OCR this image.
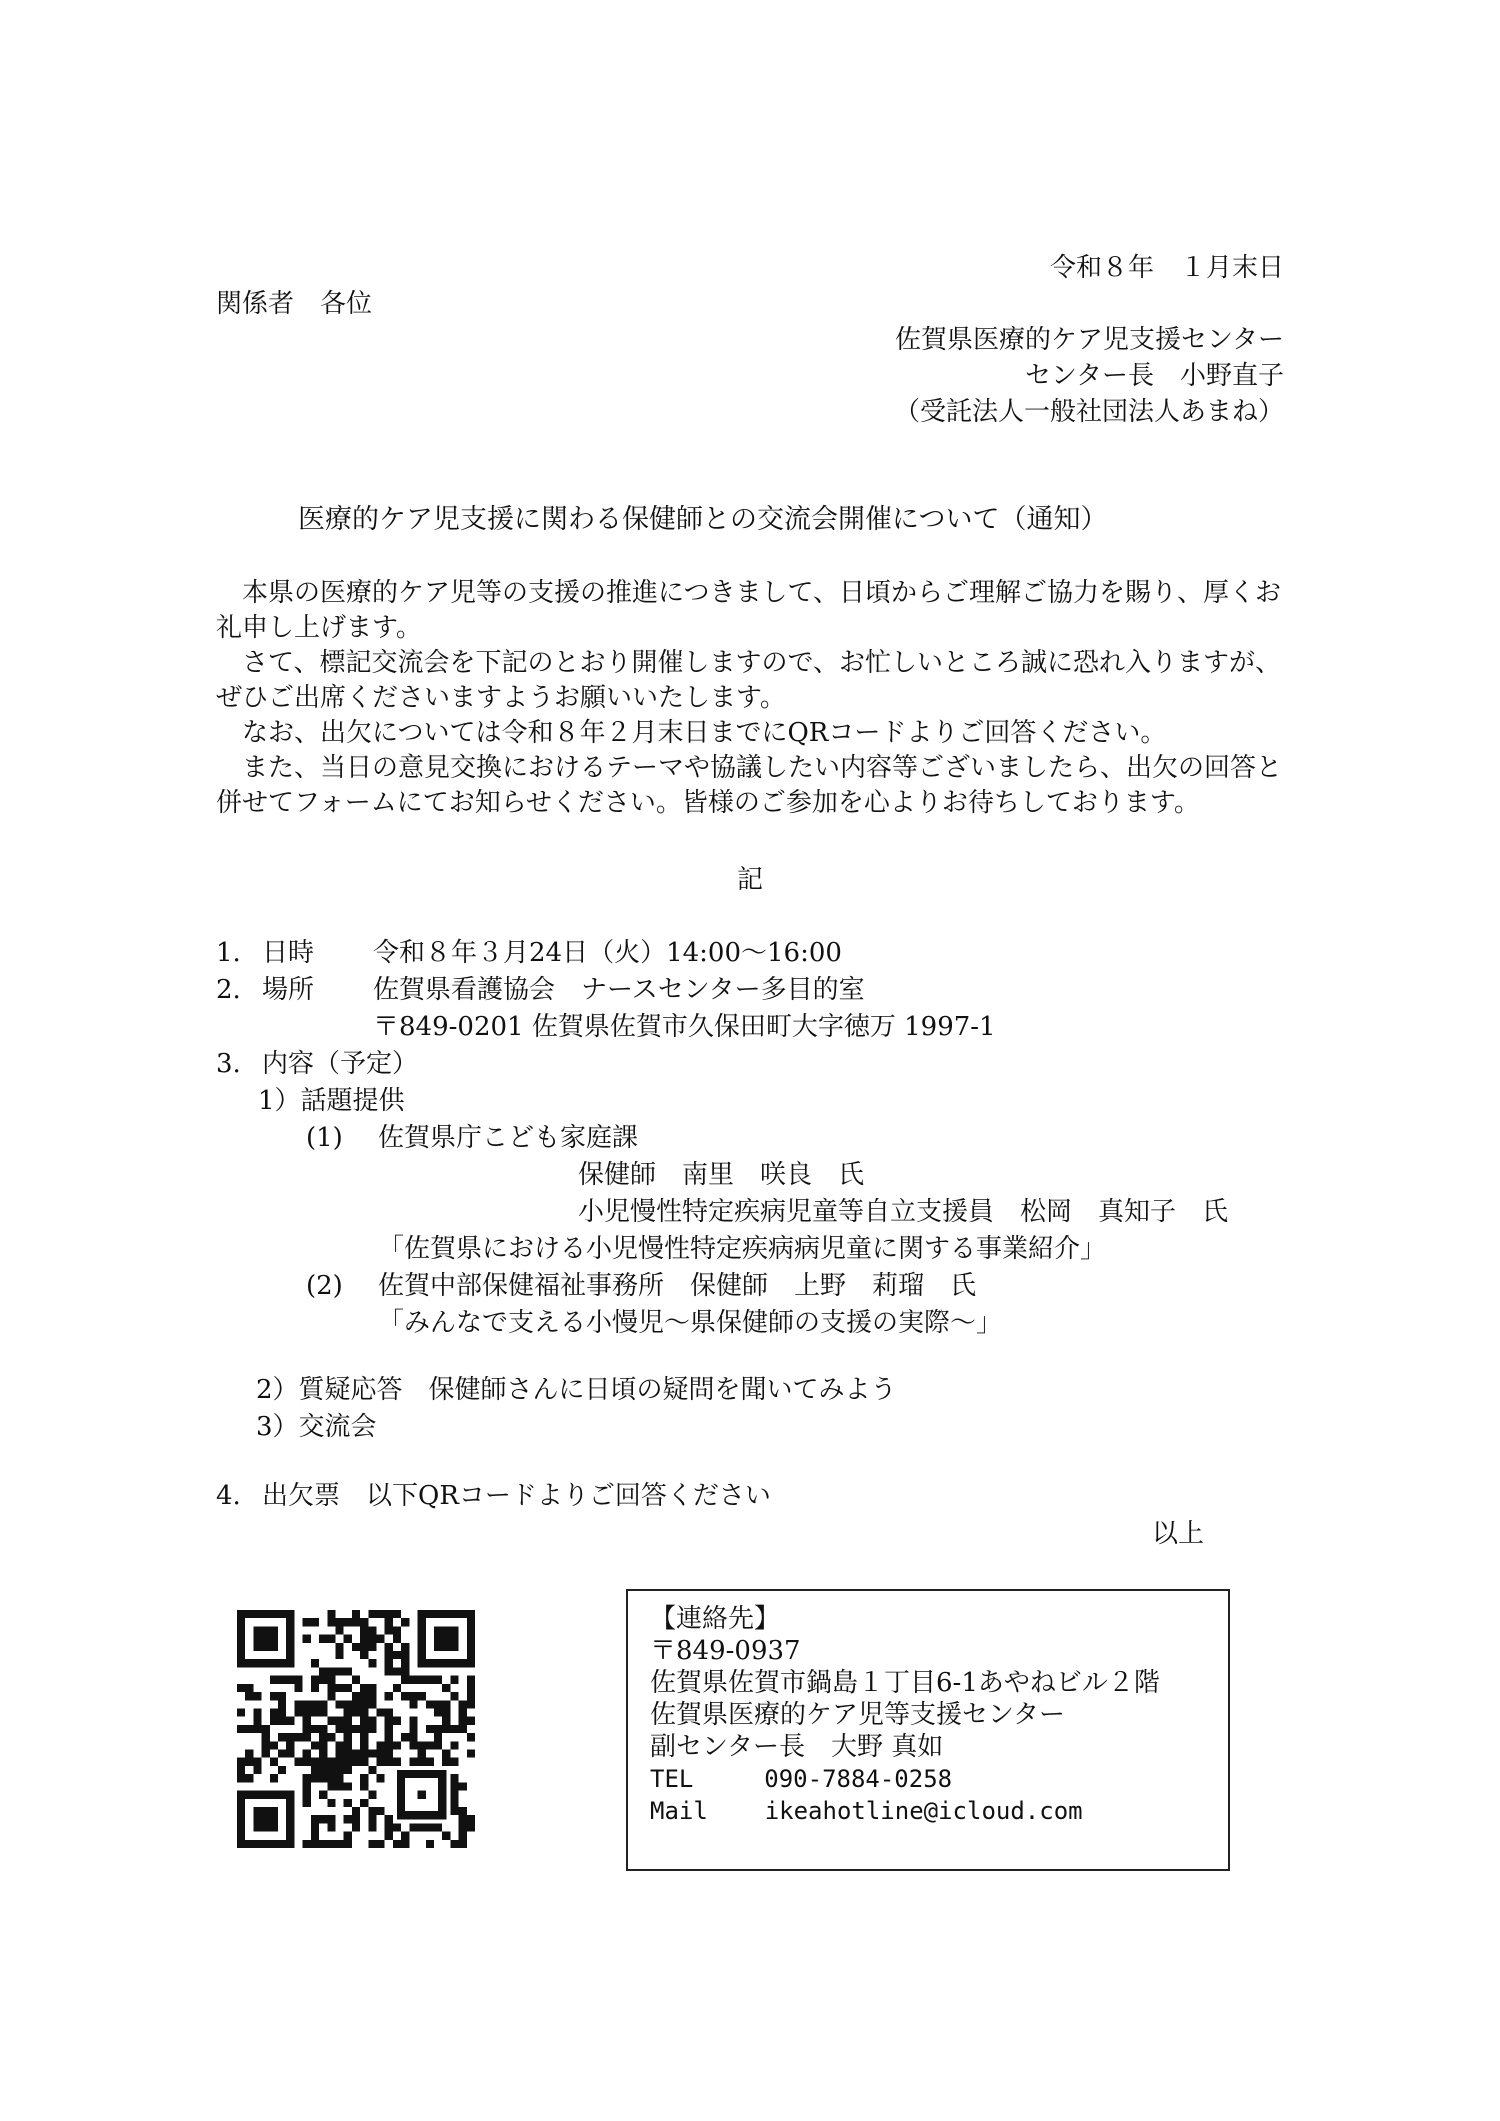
令和８年　１月末日
関係者　各位
佐賀県医療的ケア児支援センター
センター長　小野直子
（受託法人一般社団法人あまね）
医療的ケア児支援に関わる保健師との交流会開催について（通知）

本県の医療的ケア児等の支援の推進につきまして、日頃からご理解ご協力を賜り、厚くお礼申し上げます。

さて、標記交流会を下記のとおり開催しますので、お忙しいところ誠に恐れ入りますが、ぜひご出席くださいますようお願いいたします。

なお、出欠については令和８年２月末日までにQRコードよりご回答ください。

また、当日の意見交換におけるテーマや協議したい内容等ございましたら、出欠の回答と併せてフォームにてお知らせください。皆様のご参加を心よりお待ちしております。

記
1. 日時 令和８年３月24日（火）14:00～16:00
2. 場所 佐賀県看護協会　ナースセンター多目的室
〒849-0201 佐賀県佐賀市久保田町大字徳万 1997-1
3. 内容（予定）
1）話題提供
(1) 佐賀県庁こども家庭課
保健師　南里　咲良　氏
小児慢性特定疾病児童等自立支援員　松岡　真知子　氏
「佐賀県における小児慢性特定疾病病児童に関する事業紹介」
(2) 佐賀中部保健福祉事務所　保健師　上野　莉瑠　氏
「みんなで支える小慢児～県保健師の支援の実際～」
2）質疑応答　保健師さんに日頃の疑問を聞いてみよう
3）交流会
4. 出欠票　以下QRコードよりご回答ください
以上
【連絡先】
〒849-0937
佐賀県佐賀市鍋島１丁目6-1あやねビル２階
佐賀県医療的ケア児等支援センター
副センター長　大野 真如
TEL	090-7884-0258
Mail ikeahotline@icloud.com
